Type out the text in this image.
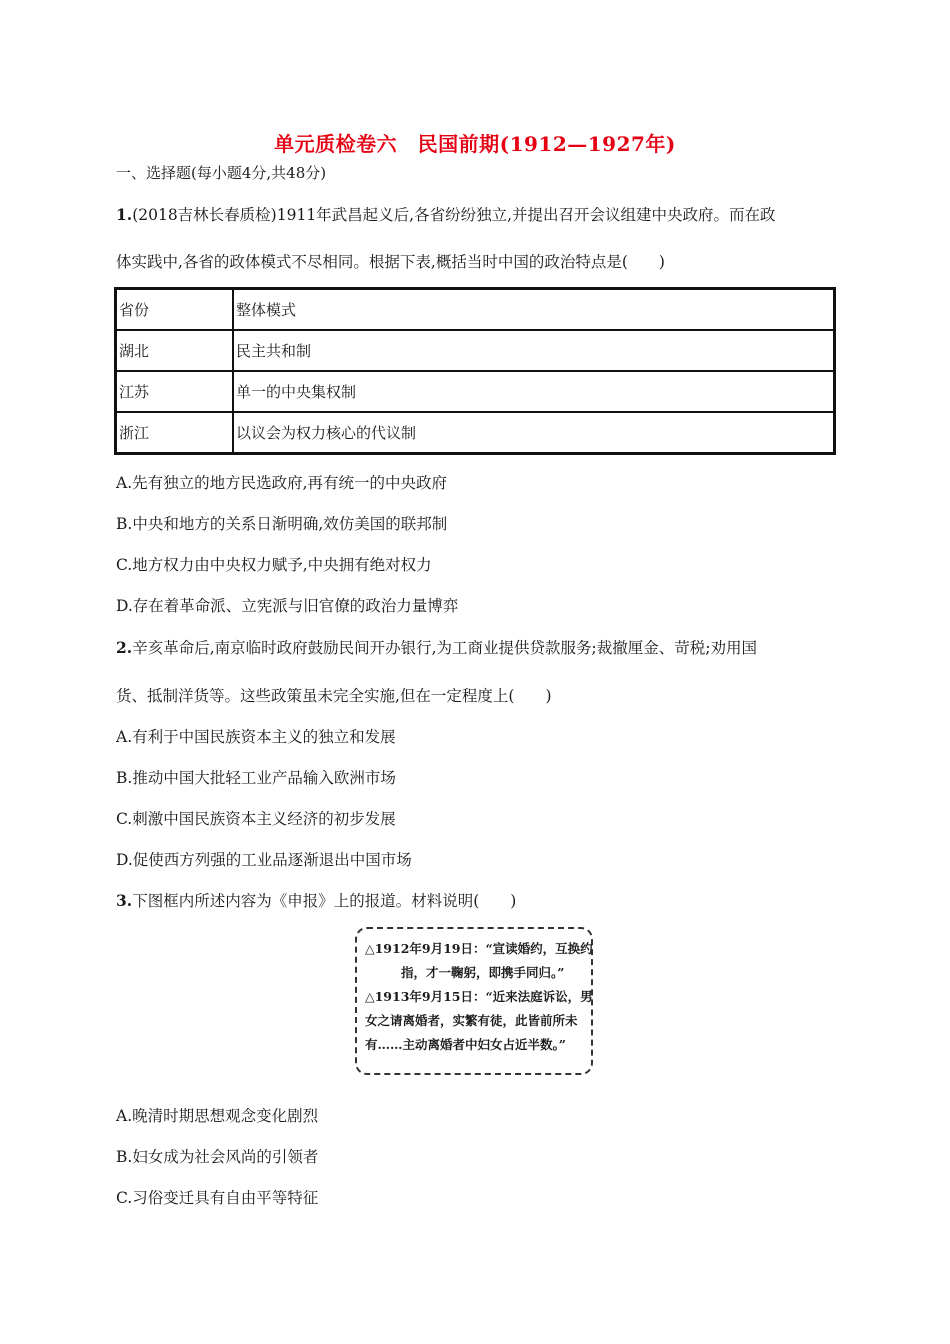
单元质检卷六　民国前期(1912—1927年)
一、选择题(每小题4分,共48分)
1.(2018吉林长春质检)1911年武昌起义后,各省纷纷独立,并提出召开会议组建中央政府。而在政
体实践中,各省的政体模式不尽相同。根据下表,概括当时中国的政治特点是(　　)
省份	整体模式
湖北	民主共和制
江苏	单一的中央集权制
浙江	以议会为权力核心的代议制
A.先有独立的地方民选政府,再有统一的中央政府
B.中央和地方的关系日渐明确,效仿美国的联邦制
C.地方权力由中央权力赋予,中央拥有绝对权力
D.存在着革命派、立宪派与旧官僚的政治力量博弈
2.辛亥革命后,南京临时政府鼓励民间开办银行,为工商业提供贷款服务;裁撤厘金、苛税;劝用国
货、抵制洋货等。这些政策虽未完全实施,但在一定程度上(　　)
A.有利于中国民族资本主义的独立和发展
B.推动中国大批轻工业产品输入欧洲市场
C.刺激中国民族资本主义经济的初步发展
D.促使西方列强的工业品逐渐退出中国市场
3.下图框内所述内容为《申报》上的报道。材料说明(　　)
△1912年9月19日：“宣读婚约，互换约
指，才一鞠躬，即携手同归。”
△1913年9月15日：“近来法庭诉讼，男
女之请离婚者，实繁有徒，此皆前所未
有……主动离婚者中妇女占近半数。”
A.晚清时期思想观念变化剧烈
B.妇女成为社会风尚的引领者
C.习俗变迁具有自由平等特征
